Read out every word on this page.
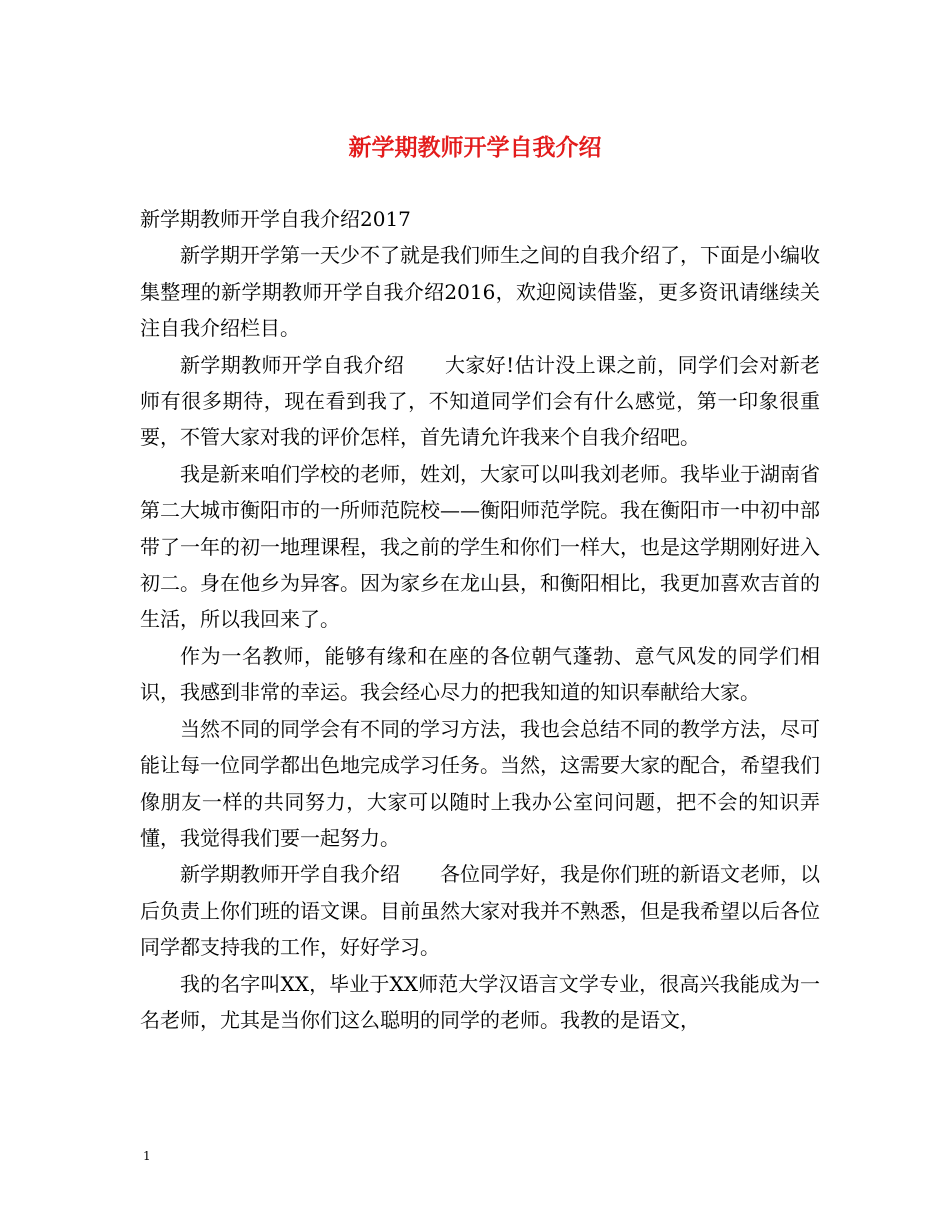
新学期教师开学自我介绍

新学期教师开学自我介绍2017

新学期开学第一天少不了就是我们师生之间的自我介绍了，下面是小编收集整理的新学期教师开学自我介绍2016，欢迎阅读借鉴，更多资讯请继续关注自我介绍栏目。

新学期教师开学自我介绍　　大家好!估计没上课之前，同学们会对新老师有很多期待，现在看到我了，不知道同学们会有什么感觉，第一印象很重要，不管大家对我的评价怎样，首先请允许我来个自我介绍吧。

我是新来咱们学校的老师，姓刘，大家可以叫我刘老师。我毕业于湖南省第二大城市衡阳市的一所师范院校——衡阳师范学院。我在衡阳市一中初中部带了一年的初一地理课程，我之前的学生和你们一样大，也是这学期刚好进入初二。身在他乡为异客。因为家乡在龙山县，和衡阳相比，我更加喜欢吉首的生活，所以我回来了。

作为一名教师，能够有缘和在座的各位朝气蓬勃、意气风发的同学们相识，我感到非常的幸运。我会经心尽力的把我知道的知识奉献给大家。

当然不同的同学会有不同的学习方法，我也会总结不同的教学方法，尽可能让每一位同学都出色地完成学习任务。当然，这需要大家的配合，希望我们像朋友一样的共同努力，大家可以随时上我办公室问问题，把不会的知识弄懂，我觉得我们要一起努力。

新学期教师开学自我介绍　　各位同学好，我是你们班的新语文老师，以后负责上你们班的语文课。目前虽然大家对我并不熟悉，但是我希望以后各位同学都支持我的工作，好好学习。

我的名字叫XX，毕业于XX师范大学汉语言文学专业，很高兴我能成为一名老师，尤其是当你们这么聪明的同学的老师。我教的是语文，

1
